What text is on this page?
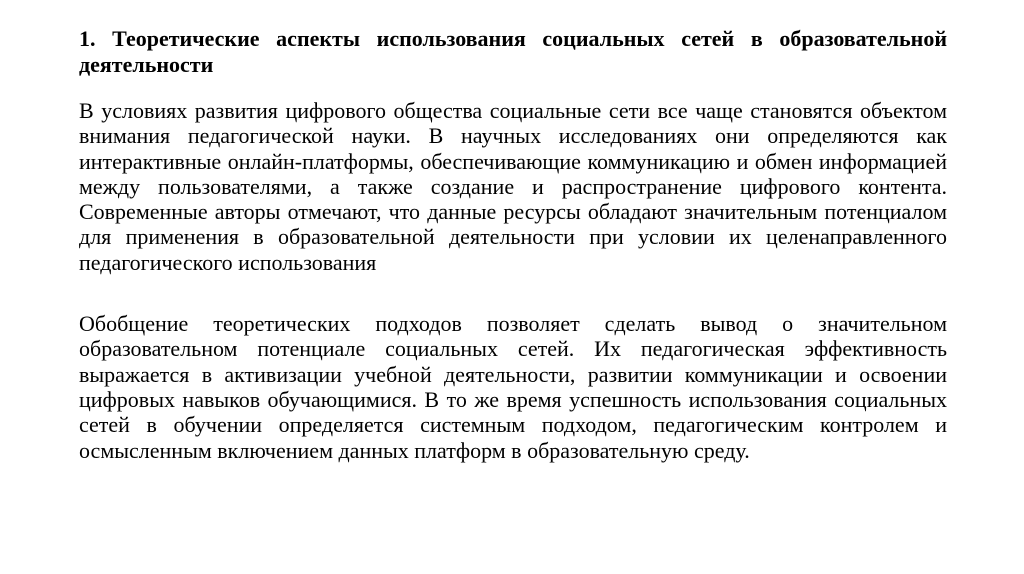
1. Теоретические аспекты использования социальных сетей в образовательной деятельности

В условиях развития цифрового общества социальные сети все чаще становятся объектом внимания педагогической науки. В научных исследованиях они определяются как интерактивные онлайн-платформы, обеспечивающие коммуникацию и обмен информацией между пользователями, а также создание и распространение цифрового контента. Современные авторы отмечают, что данные ресурсы обладают значительным потенциалом для применения в образовательной деятельности при условии их целенаправленного педагогического использования

Обобщение теоретических подходов позволяет сделать вывод о значительном образовательном потенциале социальных сетей. Их педагогическая эффективность выражается в активизации учебной деятельности, развитии коммуникации и освоении цифровых навыков обучающимися. В то же время успешность использования социальных сетей в обучении определяется системным подходом, педагогическим контролем и осмысленным включением данных платформ в образовательную среду.
